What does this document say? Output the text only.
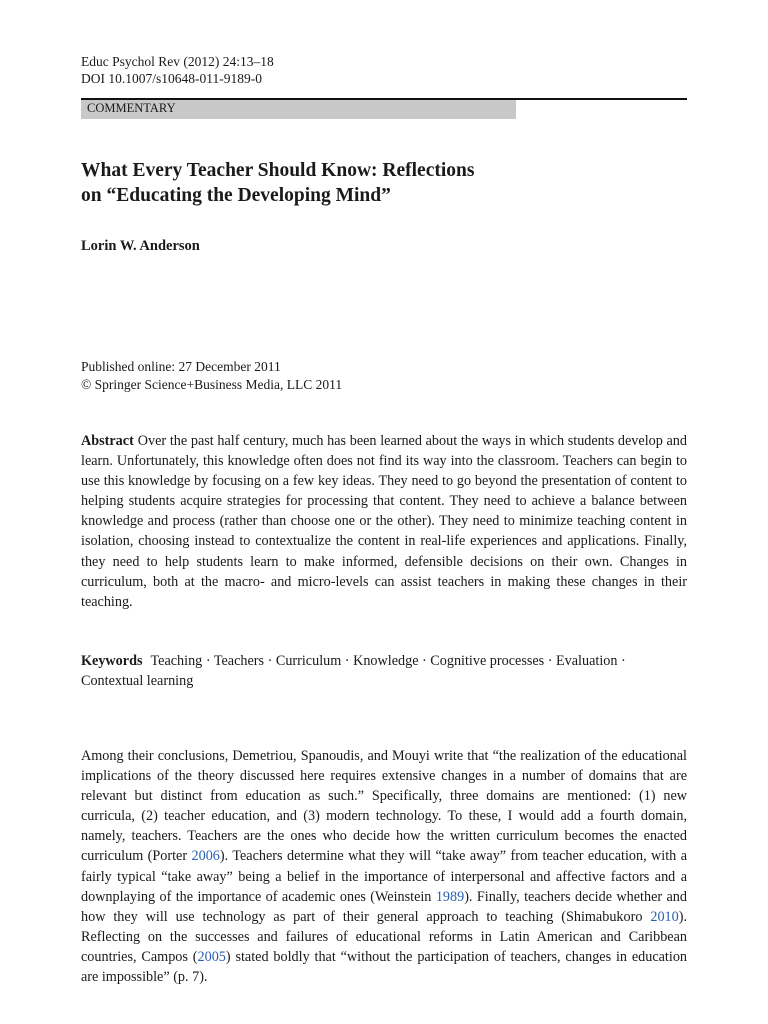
Educ Psychol Rev (2012) 24:13–18
DOI 10.1007/s10648-011-9189-0
COMMENTARY
What Every Teacher Should Know: Reflections
on “Educating the Developing Mind”
Lorin W. Anderson
Published online: 27 December 2011
© Springer Science+Business Media, LLC 2011
Abstract Over the past half century, much has been learned about the ways in which students develop and learn. Unfortunately, this knowledge often does not find its way into the classroom. Teachers can begin to use this knowledge by focusing on a few key ideas. They need to go beyond the presentation of content to helping students acquire strategies for processing that content. They need to achieve a balance between knowledge and process (rather than choose one or the other). They need to minimize teaching content in isolation, choosing instead to contextualize the content in real-life experiences and applications. Finally, they need to help students learn to make informed, defensible decisions on their own. Changes in curriculum, both at the macro- and micro-levels can assist teachers in making these changes in their teaching.
Keywords Teaching · Teachers · Curriculum · Knowledge · Cognitive processes · Evaluation · Contextual learning
Among their conclusions, Demetriou, Spanoudis, and Mouyi write that “the realization of the educational implications of the theory discussed here requires extensive changes in a number of domains that are relevant but distinct from education as such.” Specifically, three domains are mentioned: (1) new curricula, (2) teacher education, and (3) modern technology. To these, I would add a fourth domain, namely, teachers. Teachers are the ones who decide how the written curriculum becomes the enacted curriculum (Porter 2006). Teachers determine what they will “take away” from teacher education, with a fairly typical “take away” being a belief in the importance of interpersonal and affective factors and a downplaying of the importance of academic ones (Weinstein 1989). Finally, teachers decide whether and how they will use technology as part of their general approach to teaching (Shimabukoro 2010). Reflecting on the successes and failures of educational reforms in Latin American and Caribbean countries, Campos (2005) stated boldly that “without the participation of teachers, changes in education are impossible” (p. 7).
